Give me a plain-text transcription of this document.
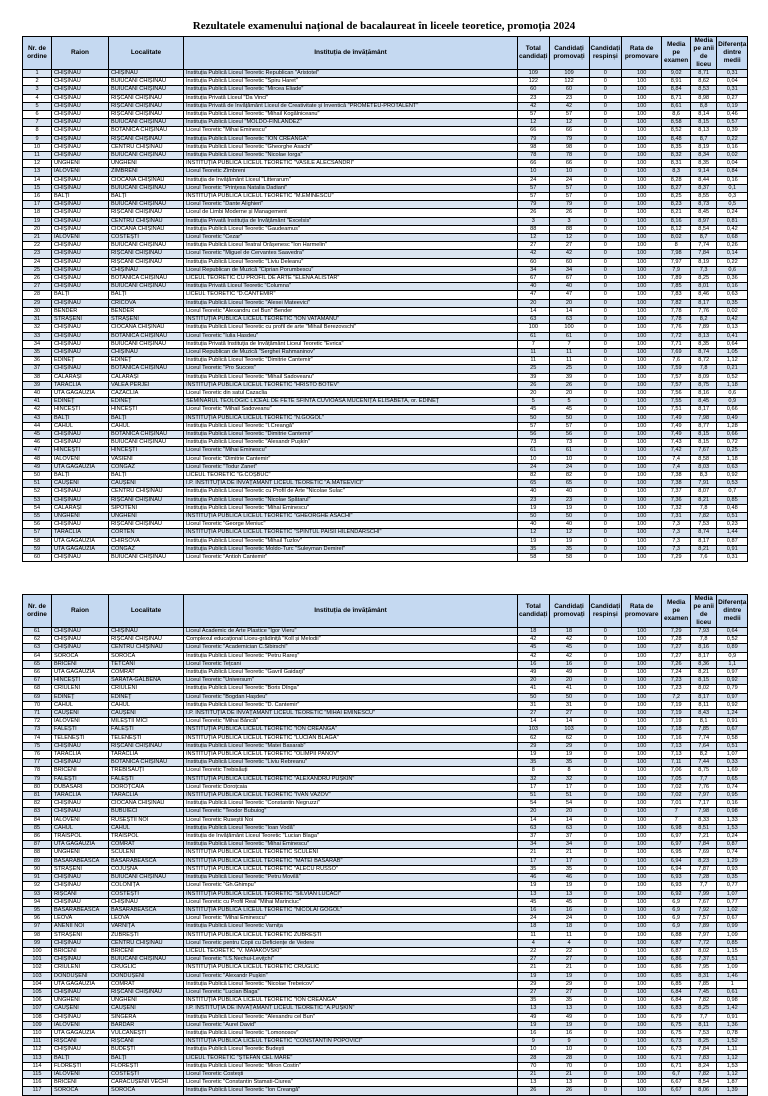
Rezultatele examenului național de bacalaureat în liceele teoretice, promoția 2024
Nr. de ordine	Raion	Localitate	Instituția de învățământ	Total candidați	Candidați promovați	Candidați respinși	Rata de promovare	Media pe examen	Media pe anii de liceu	Diferența dintre medii
1	CHIȘINĂU	CHIȘINĂU	Instituția Publică Liceul Teoretic Republican "Aristotel"	109	109	0	100	9,02	8,71	0,31
2	CHIȘINĂU	BUIUCANI CHIȘINĂU	Instituția Publică Liceul Teoretic "Spiru Haret"	122	122	0	100	8,91	8,62	0,04
3	CHIȘINĂU	BUIUCANI CHIȘINĂU	Instituția Publică Liceul Teoretic "Mircea Eliade"	60	60	0	100	8,84	8,53	0,31
4	CHIȘINĂU	RÎȘCANI CHIȘINĂU	Instituția Privată Liceul "Da Vinci"	23	23	0	100	8,71	8,98	0,27
5	CHIȘINĂU	RÎȘCANI CHIȘINĂU	Instituția Privată de Învățământ Liceul de Creativitate și Inventică "PROMETEU-PROTALENT"	42	42	0	100	8,61	8,8	0,19
6	CHIȘINĂU	RÎȘCANI CHIȘINĂU	Instituția Publică Liceul Teoretic "Mihail Kogălniceanu"	57	57	0	100	8,6	8,14	0,46
7	CHIȘINĂU	BUIUCANI CHIȘINĂU	Instituția Publică Liceul "MOLDO-FINLANDEZ"	12	12	0	100	8,58	8,15	0,57
8	CHIȘINĂU	BOTANICA CHIȘINĂU	Liceul Teoretic "Mihai Eminescu"	66	66	0	100	8,52	8,13	0,39
9	CHIȘINĂU	RÎȘCANI CHIȘINĂU	Instituția Publică Liceul Teoretic "ION CREANGĂ"	79	79	0	100	8,48	8,7	0,22
10	CHIȘINĂU	CENTRU CHIȘINĂU	Instituția Publică Liceul Teoretic "Gheorghe Asachi"	98	98	0	100	8,35	8,19	0,16
11	CHIȘINĂU	BUIUCANI CHIȘINĂU	Instituția Publică Liceul Teoretic "Nicolae Iorga"	78	78	0	100	8,32	8,34	0,02
12	UNGHENI	UNGHENI	INSTITUȚIA PUBLICĂ LICEUL TEORETIC "VASILE ALECSANDRI"	66	66	0	100	8,31	8,35	0,04
13	IALOVENI	ZÎMBRENI	Liceul Teoretic Zîmbreni	10	10	0	100	8,3	9,14	0,84
14	CHIȘINĂU	CIOCANA CHIȘINĂU	Instituția de Învățământ Liceul "Litterarum"	24	24	0	100	8,28	8,44	0,16
15	CHIȘINĂU	BUIUCANI CHIȘINĂU	Liceul Teoretic "Prințesa Natalia Dadiani"	57	57	0	100	8,27	8,37	0,1
16	BĂLȚI	BĂLȚI	INSTITUȚIA PUBLICĂ LICEUL TEORETIC "M.EMINESCU"	57	57	0	100	8,25	8,55	0,3
17	CHIȘINĂU	BUIUCANI CHIȘINĂU	Liceul Teoretic "Dante Alighieri"	79	79	0	100	8,23	8,73	0,5
18	CHIȘINĂU	RÎȘCANI CHIȘINĂU	Liceul de Limbi Moderne și Management	26	26	0	100	8,21	8,45	0,24
19	CHIȘINĂU	CENTRU CHIȘINĂU	Instituția Privată Instituția de Învățământ "Excelsis"	3	3	0	100	8,16	8,97	0,81
20	CHIȘINĂU	CIOCANA CHIȘINĂU	Instituția Publică Liceul Teoretic "Gaudeamus"	88	88	0	100	8,12	8,54	0,42
21	IALOVENI	COSTEȘTI	Liceul Teoretic "Cezar"	12	12	0	100	8,02	8,7	0,68
22	CHIȘINĂU	BUIUCANI CHIȘINĂU	Instituția Publică Liceul Teatral Orășenesc "Ion Harmelin"	27	27	0	100	8	7,74	0,26
23	CHIȘINĂU	RÎȘCANI CHIȘINĂU	Liceul Teoretic "Miguel de Cervantes Saavedra"	42	42	0	100	7,98	7,84	0,14
24	CHIȘINĂU	RÎȘCANI CHIȘINĂU	Instituția Publică Liceul Teoretic "Liviu Deleanu"	60	60	0	100	7,97	8,19	0,22
25	CHIȘINĂU	CHIȘINĂU	Liceul Republican de Muzică "Ciprian Porumbescu"	34	34	0	100	7,9	7,3	0,6
26	CHIȘINĂU	BOTANICA CHIȘINĂU	LICEUL TEORETIC CU PROFIL DE ARTE "ELENA ALISTAR"	67	67	0	100	7,89	8,25	0,36
27	CHIȘINĂU	BUIUCANI CHIȘINĂU	Instituția Privată Liceul Teoretic "Columna"	40	40	0	100	7,85	8,01	0,16
28	BĂLȚI	BĂLȚI	LICEUL TEORETIC "D.CANTEMIR"	47	47	0	100	7,83	8,46	0,63
29	CHIȘINĂU	CRICOVA	Instituția Publică Liceul Teoretic "Alexei Mateevici"	20	20	0	100	7,82	8,17	0,35
30	BENDER	BENDER	Liceul Teoretic "Alexandru cel Bun" Bender	14	14	0	100	7,78	7,76	0,02
31	STRĂȘENI	STRĂȘENI	INSTITUȚIA PUBLICĂ LICEUL TEORETIC "ION VATAMANU"	63	63	0	100	7,78	8,2	0,42
32	CHIȘINĂU	CIOCANA CHIȘINĂU	Instituția Publică Liceul Teoretic cu profil de arte "Mihail Berezovschi"	100	100	0	100	7,76	7,89	0,13
33	CHIȘINĂU	BOTANICA CHIȘINĂU	Liceul Teoretic "Iulia Hasdeu"	61	61	0	100	7,72	8,13	0,41
34	CHIȘINĂU	BUIUCANI CHIȘINĂU	Instituția Privată Instituția de Învățământ Liceul Teoretic "Evrica"	7	7	0	100	7,71	8,35	0,64
35	CHIȘINĂU	CHIȘINĂU	Liceul Republican de Muzică "Serghei Rahmaninov"	11	11	0	100	7,69	8,74	1,05
36	EDINEȚ	EDINEȚ	Instituția Publică Liceul Teoretic "Dimitrie Cantemir"	11	11	0	100	7,6	8,72	1,12
37	CHIȘINĂU	BOTANICA CHIȘINĂU	Liceul Teoretic "Pro Succes"	25	25	0	100	7,59	7,8	0,21
38	CĂLĂRAȘI	CĂLĂRAȘI	Instituția Publică Liceul Teoretic "Mihail Sadoveanu"	39	39	0	100	7,57	8,09	0,52
39	TARACLIA	VALEA PERJEI	INSTITUȚIA PUBLICĂ LICEUL TEORETIC "HRISTO BOTEV"	26	26	0	100	7,57	8,75	1,18
40	UTA GĂGĂUZIA	CAZACLIA	Liceul Teoretic din satul Cazaclia	20	20	0	100	7,56	8,16	0,6
41	EDINEȚ	EDINEȚ	SEMINARUL TEOLOGIC LICEAL DE FETE SFÎNTA CUVIOASA MUCENIȚĂ ELISABETA, or. EDINEȚ	5	5	0	100	7,55	8,45	0,9
42	HÎNCEȘTI	HÎNCEȘTI	Liceul Teoretic "Mihail Sadoveanu"	45	45	0	100	7,51	8,17	0,66
43	BĂLȚI	BĂLȚI	INSTITUȚIA PUBLICĂ LICEUL TEORETIC "N.GOGOL"	50	50	0	100	7,49	7,98	0,49
44	CAHUL	CAHUL	Instituția Publică Liceul Teoretic "I.Creangă"	57	57	0	100	7,49	8,77	1,28
45	CHIȘINĂU	BOTANICA CHIȘINĂU	Instituția Publică Liceul Teoretic "Dimitrie Cantemir"	56	56	0	100	7,49	8,15	0,66
46	CHIȘINĂU	BUIUCANI CHIȘINĂU	Instituția Publică Liceul Teoretic "Alexandr Pușkin"	73	73	0	100	7,43	8,15	0,72
47	HÎNCEȘTI	HÎNCEȘTI	Liceul Teoretic "Mihai Eminescu"	61	61	0	100	7,42	7,67	0,25
48	IALOVENI	VASIENI	Liceul Teoretic "Dimitrie Cantemir"	10	10	0	100	7,4	8,58	1,18
49	UTA GĂGĂUZIA	CONGAZ	Liceul Teoretic "Todur Zanet"	24	24	0	100	7,4	8,03	0,63
50	BĂLȚI	BĂLȚI	LICEUL TEORETIC "G.COȘBUC"	82	82	0	100	7,38	8,3	0,92
51	CĂUȘENI	CĂUȘENI	I.P. INSTITUȚIA DE ÎNVĂȚĂMÂNT LICEUL TEORETIC "A.MATEEVICI"	65	65	0	100	7,38	7,91	0,53
52	CHIȘINĂU	CENTRU CHIȘINĂU	Instituția Publică Liceul Teoretic cu Profil de Arte "Nicolae Sulac"	40	40	0	100	7,37	8,07	0,7
53	CHIȘINĂU	RÎȘCANI CHIȘINĂU	Instituția Publică Liceul Teoretic "Nicolae Spătarul"	23	23	0	100	7,36	8,21	0,85
54	CĂLĂRAȘI	SIPOTENI	Instituția Publică Liceul Teoretic "Mihai Eminescu"	19	19	0	100	7,32	7,8	0,48
55	UNGHENI	UNGHENI	INSTITUȚIA PUBLICĂ LICEUL TEORETIC "GHEORGHE ASACHI"	50	50	0	100	7,31	7,82	0,51
56	CHIȘINĂU	RÎȘCANI CHIȘINĂU	Liceul Teoretic "George Meniuc"	40	40	0	100	7,3	7,53	0,23
57	TARACLIA	CORTEN	INSTITUȚIA PUBLICĂ LICEUL TEORETIC "SPÎNTUL PAISII HILENDARSCHI"	12	12	0	100	7,3	8,74	1,44
58	UTA GĂGĂUZIA	CHIRSOVA	Instituția Publică Liceul Teoretic "Mihail Tuzlov"	19	19	0	100	7,3	8,17	0,87
59	UTA GĂGĂUZIA	CONGAZ	Instituția Publică Liceul Teoretic Moldo-Turc "Suleyman Demirel"	35	35	0	100	7,3	8,21	0,91
60	CHIȘINĂU	BUIUCANI CHIȘINĂU	Liceul Teoretic "Antioh Cantemir"	58	58	0	100	7,29	7,6	0,31
Nr. de ordine	Raion	Localitate	Instituția de învățământ	Total candidați	Candidați promovați	Candidați respinși	Rata de promovare	Media pe examen	Media pe anii de liceu	Diferența dintre medii
61	CHIȘINĂU	CHIȘINĂU	Liceul Academic de Arte Plastice "Igor Vieru"	18	18	0	100	7,29	7,93	0,64
62	CHIȘINĂU	RÎȘCANI CHIȘINĂU	Complexul educațional Liceu-grădiniță "Koll și Melodii"	42	42	0	100	7,28	7,8	0,52
63	CHIȘINĂU	CENTRU CHIȘINĂU	Liceul Teoretic "Academician C.Sibirschi"	45	45	0	100	7,27	8,16	0,89
64	SOROCA	SOROCA	Instituția Publică Liceul Teoretic "Petru Rareș"	42	42	0	100	7,27	8,17	0,9
65	BRICENI	TETCANI	Liceul Teoretic Tețcani	16	16	0	100	7,26	8,36	1,1
66	UTA GĂGĂUZIA	COMRAT	Instituția Publică Liceul Teoretic "Gavril Gaidarji"	49	49	0	100	7,24	8,21	0,97
67	HÎNCEȘTI	SĂRATA-GALBENĂ	Liceul Teoretic "Universum"	20	20	0	100	7,23	8,15	0,92
68	CRIULENI	CRIULENI	Instituția Publică Liceul Teoretic "Boris Dînga"	41	41	0	100	7,23	8,02	0,79
69	EDINEȚ	EDINEȚ	Liceul Teoretic "Bogdan Hașdeu"	50	50	0	100	7,2	8,17	0,97
70	CAHUL	CAHUL	Instituția Publică Liceul Teoretic "D. Cantemir"	31	31	0	100	7,19	8,11	0,92
71	CĂUȘENI	CĂUȘENI	I.P. INSTITUȚIA DE ÎNVĂȚĂMÂNT LICEUL TEORETIC "MIHAI EMINESCU"	27	27	0	100	7,19	8,43	1,24
72	IALOVENI	MILEȘTII MICI	Liceul Teoretic "Mihai Bâncă"	14	14	0	100	7,19	8,1	0,91
73	FĂLEȘTI	FĂLEȘTI	INSTITUȚIA PUBLICĂ LICEUL TEORETIC "ION CREANGĂ"	103	103	0	100	7,18	7,85	0,67
74	TELENEȘTI	TELENEȘTI	INSTITUȚIA PUBLICĂ LICEUL TEORETIC "LUCIAN BLAGA"	62	62	0	100	7,16	7,74	0,58
75	CHIȘINĂU	RÎȘCANI CHIȘINĂU	Instituția Publică Liceul Teoretic "Matei Basarab"	29	29	0	100	7,13	7,64	0,51
76	TARACLIA	TARACLIA	INSTITUȚIA PUBLICĂ LICEUL TEORETIC "OLIMPII PANOV"	19	19	0	100	7,13	8,2	1,07
77	CHIȘINĂU	BOTANICA CHIȘINĂU	Instituția Publică Liceul Teoretic "Liviu Rebreanu"	35	35	0	100	7,11	7,44	0,33
78	BRICENI	TREBISĂUȚI	Liceul Teoretic Trebisăuți	8	8	0	100	7,06	8,75	1,69
79	FĂLEȘTI	FĂLEȘTI	INSTITUȚIA PUBLICĂ LICEUL TEORETIC "ALEXANDRU PUȘKIN"	32	32	0	100	7,05	7,7	0,65
80	DUBĂSARI	DOROȚCAIA	Liceul Teoretic Doroțcaia	17	17	0	100	7,02	7,76	0,74
81	TARACLIA	TARACLIA	INSTITUȚIA PUBLICĂ LICEUL TEORETIC "IVAN VAZOV"	51	51	0	100	7,02	7,97	0,95
82	CHIȘINĂU	CIOCANA CHIȘINĂU	Instituția Publică Liceul Teoretic "Constantin Negruzzi"	54	54	0	100	7,01	7,17	0,16
83	CHIȘINĂU	BUBUIECI	Liceul Teoretic "Teodor Bubuiog"	20	20	0	100	7	7,98	0,98
84	IALOVENI	RUSEȘTII NOI	Liceul Teoretic Ruseștii Noi	14	14	0	100	7	8,33	1,33
85	CAHUL	CAHUL	Instituția Publică Liceul Teoretic "Ioan Vodă"	63	63	0	100	6,98	8,51	1,53
86	TRAISPOL	TRAISPOL	Instituția de Învățământ Liceul Teoretic "Lucian Blaga"	37	37	0	100	6,97	7,21	0,24
87	UTA GĂGĂUZIA	COMRAT	Instituția Publică Liceul Teoretic "Mihai Eminescu"	34	34	0	100	6,97	7,84	0,87
88	UNGHENI	SCULENI	INSTITUȚIA PUBLICĂ LICEUL TEORETIC SCULENI	21	21	0	100	6,95	7,69	0,74
89	BASARABEASCA	BASARABEASCA	INSTITUȚIA PUBLICĂ LICEUL TEORETIC "MATEI BASARAB"	17	17	0	100	6,94	8,23	1,29
90	STRĂȘENI	COJUȘNA	INSTITUȚIA PUBLICĂ LICEUL TEORETIC "ALECU RUSSO"	35	35	0	100	6,94	7,87	0,93
91	CHIȘINĂU	BUIUCANI CHIȘINĂU	Instituția Publică Liceul Teoretic "Petru Movilă"	46	46	0	100	6,93	7,28	0,35
92	CHIȘINĂU	COLONIȚA	Liceul Teoretic "Gh.Ghimpu"	19	19	0	100	6,93	7,7	0,77
93	RÎȘCANI	COSTEȘTI	INSTITUȚIA PUBLICĂ LICEUL TEORETIC "SILVIAN LUCACI"	13	13	0	100	6,92	7,99	1,07
94	CHIȘINĂU	CHIȘINĂU	Liceul Teoretic cu Profil Real "Mihai Marinciuc"	45	45	0	100	6,9	7,67	0,77
95	BASARABEASCA	BASARABEASCA	INSTITUȚIA PUBLICĂ LICEUL TEORETIC "NICOLAI GOGOL"	16	16	0	100	6,9	7,92	1,02
96	LEOVA	LEOVA	Liceul Teoretic "Mihai Eminescu"	24	24	0	100	6,9	7,57	0,67
97	ANENII NOI	VARNIȚA	Instituția Publică Liceul Teoretic Varnița	18	18	0	100	6,9	7,89	0,99
98	STRĂȘENI	ZUBREȘTI	INSTITUȚIA PUBLICĂ LICEUL TEORETIC ZUBREȘTI	11	11	0	100	6,88	7,97	1,09
99	CHIȘINĂU	CENTRU CHIȘINĂU	Liceul Teoretic pentru Copii cu Deficiențe de Vedere	4	4	0	100	6,87	7,72	0,85
100	BRICENI	BRICENI	LICEUL TEORETIC "V. MAIAKOVSKI"	22	22	0	100	6,87	8,02	1,15
101	CHIȘINĂU	BUIUCANI CHIȘINĂU	Liceul Teoretic "I.S.Nechui-Levițchi"	27	27	0	100	6,86	7,37	0,51
102	CRIULENI	CRUGLIC	INSTITUȚIA PUBLICĂ LICEUL TEORETIC CRUGLIC	21	21	0	100	6,86	7,95	1,09
103	DONDUȘENI	DONDUȘENI	Liceul Teoretic "Alexandr Pușkin"	19	19	0	100	6,85	8,31	1,46
104	UTA GĂGĂUZIA	COMRAT	Instituția Publică Liceul Teoretic "Nicolae Trebeicov"	29	29	0	100	6,85	7,85	1
105	CHIȘINĂU	RÎȘCANI CHIȘINĂU	Liceul Teoretic "Lucian Blaga"	27	27	0	100	6,84	7,45	0,61
106	UNGHENI	UNGHENI	INSTITUȚIA PUBLICĂ LICEUL TEORETIC "ION CREANGĂ"	35	35	0	100	6,84	7,82	0,98
107	CĂUȘENI	CĂUȘENI	I.P. INSTITUȚIA DE ÎNVĂȚĂMÂNT LICEUL TEORETIC "A.PUȘKIN"	13	13	0	100	6,83	8,25	1,42
108	CHIȘINĂU	SÎNGERA	Instituția Publică Liceul Teoretic "Alexandru cel Bun"	49	49	0	100	6,79	7,7	0,91
109	IALOVENI	BARDAR	Liceul Teoretic "Aurel David"	19	19	0	100	6,75	8,11	1,36
110	UTA GĂGĂUZIA	VULCĂNEȘTI	Instituția Publică Liceul Teoretic "Lomonosov"	16	16	0	100	6,75	7,53	0,78
111	RÎȘCANI	RÎȘCANI	INSTITUȚIA PUBLICĂ LICEUL TEORETIC "CONSTANTIN POPOVICI"	9	9	0	100	6,73	8,25	1,52
112	CHIȘINĂU	BUDEȘTI	Instituția Publică Liceul Teoretic Budești	10	10	0	100	6,73	7,84	1,11
113	BĂLȚI	BĂLȚI	LICEUL TEORETIC "ȘTEFAN CEL MARE"	28	28	0	100	6,71	7,83	1,12
114	FLOREȘTI	FLOREȘTI	Instituția Publică Liceul Teoretic "Miron Costin"	70	70	0	100	6,71	8,24	1,53
115	IALOVENI	COSTEȘTI	Liceul Teoretic Costești	21	21	0	100	6,7	7,82	1,12
116	BRICENI	CARACUȘENII VECHI	Liceul Teoretic "Constantin Stamati-Ciurea"	13	13	0	100	6,67	8,54	1,87
117	SOROCA	SOROCA	Instituția Publică Liceul Teoretic "Ion Creangă"	26	26	0	100	6,67	8,06	1,39
